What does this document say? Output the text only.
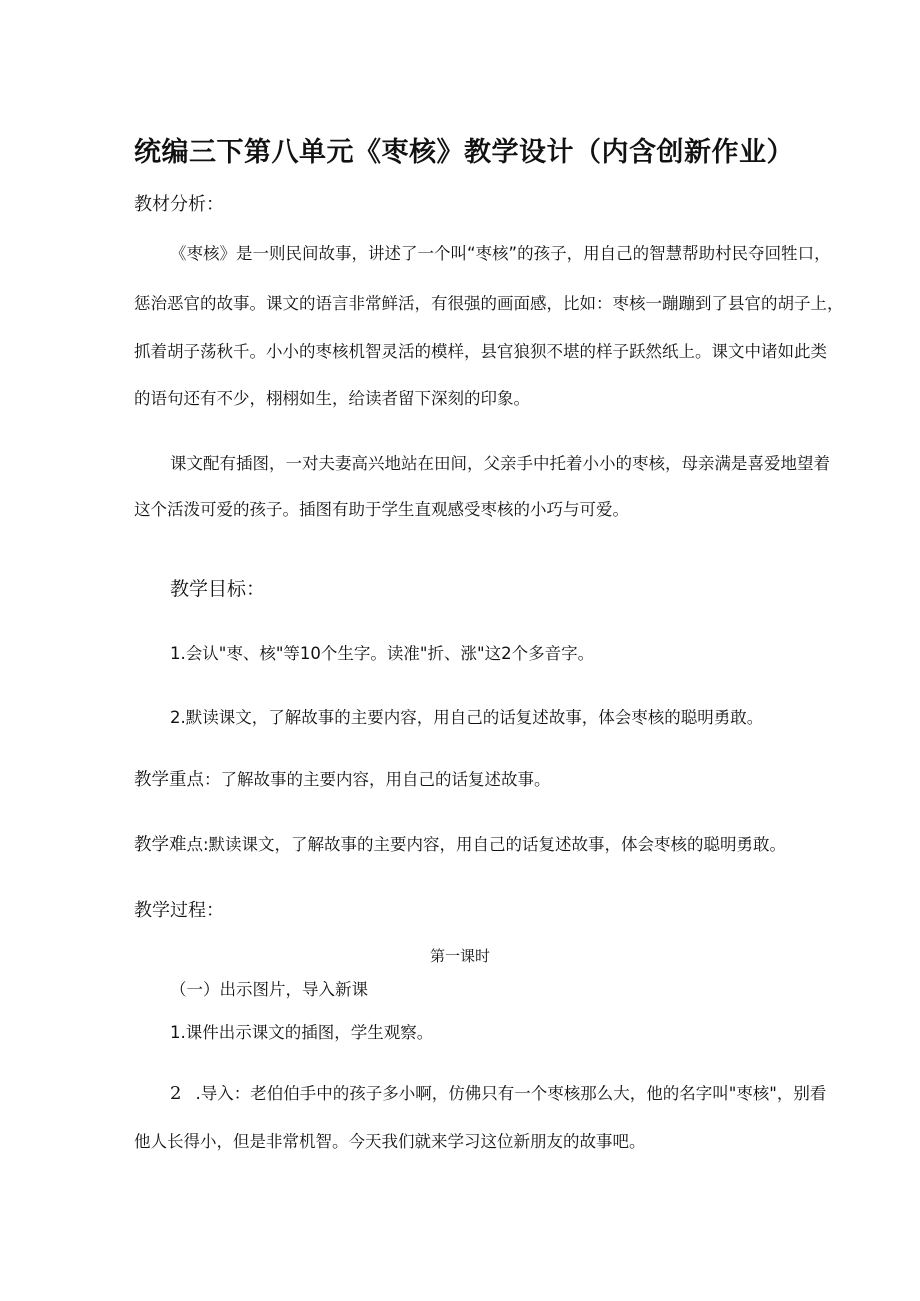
统编三下第八单元《枣核》教学设计（内含创新作业）
教材分析：

《枣核》是一则民间故事，讲述了一个叫“枣核”的孩子，用自己的智慧帮助村民夺回牲口，

惩治恶官的故事。课文的语言非常鲜活，有很强的画面感，比如：枣核一蹦蹦到了县官的胡子上，

抓着胡子荡秋千。小小的枣核机智灵活的模样，县官狼狈不堪的样子跃然纸上。课文中诸如此类

的语句还有不少，栩栩如生，给读者留下深刻的印象。

课文配有插图，一对夫妻高兴地站在田间，父亲手中托着小小的枣核，母亲满是喜爱地望着

这个活泼可爱的孩子。插图有助于学生直观感受枣核的小巧与可爱。

教学目标：

1.会认"枣、核"等10个生字。读准"折、涨"这2个多音字。

2.默读课文，了解故事的主要内容，用自己的话复述故事，体会枣核的聪明勇敢。

教学重点：了解故事的主要内容，用自己的话复述故事。

教学难点:默读课文，了解故事的主要内容，用自己的话复述故事，体会枣核的聪明勇敢。

教学过程：
第一课时

（一）出示图片，导入新课

1.课件出示课文的插图，学生观察。

2 .导入：老伯伯手中的孩子多小啊，仿佛只有一个枣核那么大，他的名字叫"枣核"，别看

他人长得小，但是非常机智。今天我们就来学习这位新朋友的故事吧。
